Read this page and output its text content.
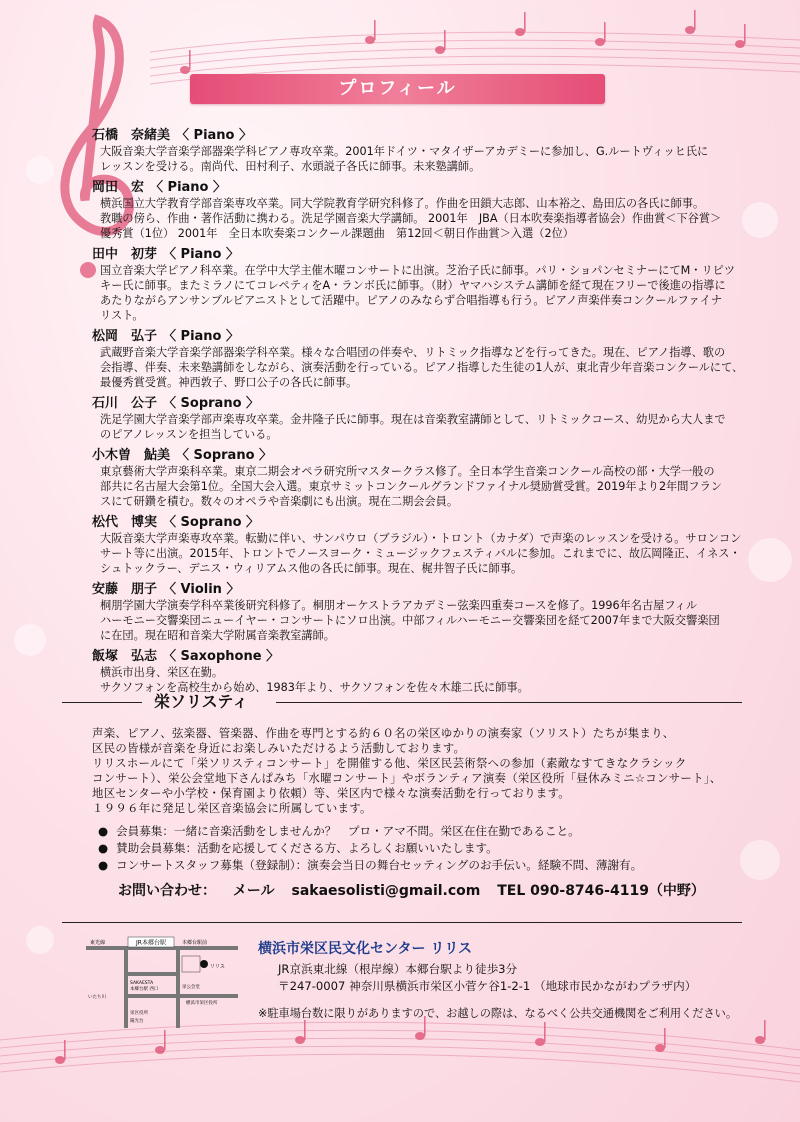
プロフィール
石橋　奈緒美 〈 Piano 〉
大阪音楽大学音楽学部器楽学科ピアノ専攻卒業。2001年ドイツ・マタイザーアカデミーに参加し、G.ルートヴィッヒ氏に
レッスンを受ける。南尚代、田村利子、水頭説子各氏に師事。未来塾講師。
岡田　宏 〈 Piano 〉
横浜国立大学教育学部音楽専攻卒業。同大学院教育学研究科修了。作曲を田鎖大志郎、山本裕之、島田広の各氏に師事。
教職の傍ら、作曲・著作活動に携わる。洗足学園音楽大学講師。 2001年　JBA（日本吹奏楽指導者協会）作曲賞＜下谷賞＞
優秀賞（1位） 2001年　全日本吹奏楽コンクール課題曲　第12回＜朝日作曲賞＞入選（2位）
田中　初芽 〈 Piano 〉
国立音楽大学ピアノ科卒業。在学中大学主催木曜コンサートに出演。芝治子氏に師事。パリ・ショパンセミナーにてM・リピツ
キー氏に師事。またミラノにてコレペティをA・ランボ氏に師事。（財）ヤマハシステム講師を経て現在フリーで後進の指導に
あたりながらアンサンブルピアニストとして活躍中。ピアノのみならず合唱指導も行う。ピアノ声楽伴奏コンクールファイナ
リスト。
松岡　弘子 〈 Piano 〉
武蔵野音楽大学音楽学部器楽学科卒業。様々な合唱団の伴奏や、リトミック指導などを行ってきた。現在、ピアノ指導、歌の
会指導、伴奏、未来塾講師をしながら、演奏活動を行っている。ピアノ指導した生徒の1人が、東北青少年音楽コンクールにて、
最優秀賞受賞。神西敦子、野口公子の各氏に師事。
石川　公子 〈 Soprano 〉
洗足学園大学音楽学部声楽専攻卒業。金井隆子氏に師事。現在は音楽教室講師として、リトミックコース、幼児から大人まで
のピアノレッスンを担当している。
小木曽　鮎美 〈 Soprano 〉
東京藝術大学声楽科卒業。東京二期会オペラ研究所マスタークラス修了。全日本学生音楽コンクール高校の部・大学一般の
部共に名古屋大会第1位。全国大会入選。東京サミットコンクールグランドファイナル奨励賞受賞。2019年より2年間フラン
スにて研鑽を積む。数々のオペラや音楽劇にも出演。現在二期会会員。
松代　博実 〈 Soprano 〉
大阪音楽大学声楽専攻卒業。転勤に伴い、サンパウロ（ブラジル）・トロント（カナダ）で声楽のレッスンを受ける。サロンコン
サート等に出演。2015年、トロントでノースヨーク・ミュージックフェスティバルに参加。これまでに、故広岡隆正、イネス・
シュトックラー、デニス・ウィリアムス他の各氏に師事。現在、梶井智子氏に師事。
安藤　朋子 〈 Violin 〉
桐朋学園大学演奏学科卒業後研究科修了。桐朋オーケストラアカデミー弦楽四重奏コースを修了。1996年名古屋フィル
ハーモニー交響楽団ニューイヤー・コンサートにソロ出演。中部フィルハーモニー交響楽団を経て2007年まで大阪交響楽団
に在団。現在昭和音楽大学附属音楽教室講師。
飯塚　弘志 〈 Saxophone 〉
横浜市出身、栄区在勤。
サクソフォンを高校生から始め、1983年より、サクソフォンを佐々木雄二氏に師事。
栄ソリスティ
声楽、ピアノ、弦楽器、管楽器、作曲を専門とする約６０名の栄区ゆかりの演奏家（ソリスト）たちが集まり、
区民の皆様が音楽を身近にお楽しみいただけるよう活動しております。
リリスホールにて「栄ソリスティコンサート」を開催する他、栄区民芸術祭への参加（素敵なすてきなクラシック
コンサート）、栄公会堂地下さんぱみち「水曜コンサート」やボランティア演奏（栄区役所「昼休みミニ☆コンサート」、
地区センターや小学校・保育園より依頼）等、栄区内で様々な演奏活動を行っております。
１９９６年に発足し栄区音楽協会に所属しています。
● 会員募集：一緒に音楽活動をしませんか？　プロ・アマ不問。栄区在住在勤であること。
● 賛助会員募集：活動を応援してくださる方、よろしくお願いいたします。
● コンサートスタッフ募集（登録制）：演奏会当日の舞台セッティングのお手伝い。経験不問、薄謝有。
お問い合わせ： メール sakaesolisti@gmail.com TEL 090-8746-4119（中野）
JR本郷台駅
東光線	本郷台駅前
リリス
SAKAESTA
本郷台駅 西口	栄公会堂
横浜市栄区役所
いたち川
栄区役所
陽光台
横浜市栄区民文化センター リリス
JR京浜東北線（根岸線）本郷台駅より徒歩3分
〒247-0007 神奈川県横浜市栄区小菅ケ谷1-2-1 （地球市民かながわプラザ内）
※駐車場台数に限りがありますので、お越しの際は、なるべく公共交通機関をご利用ください。
